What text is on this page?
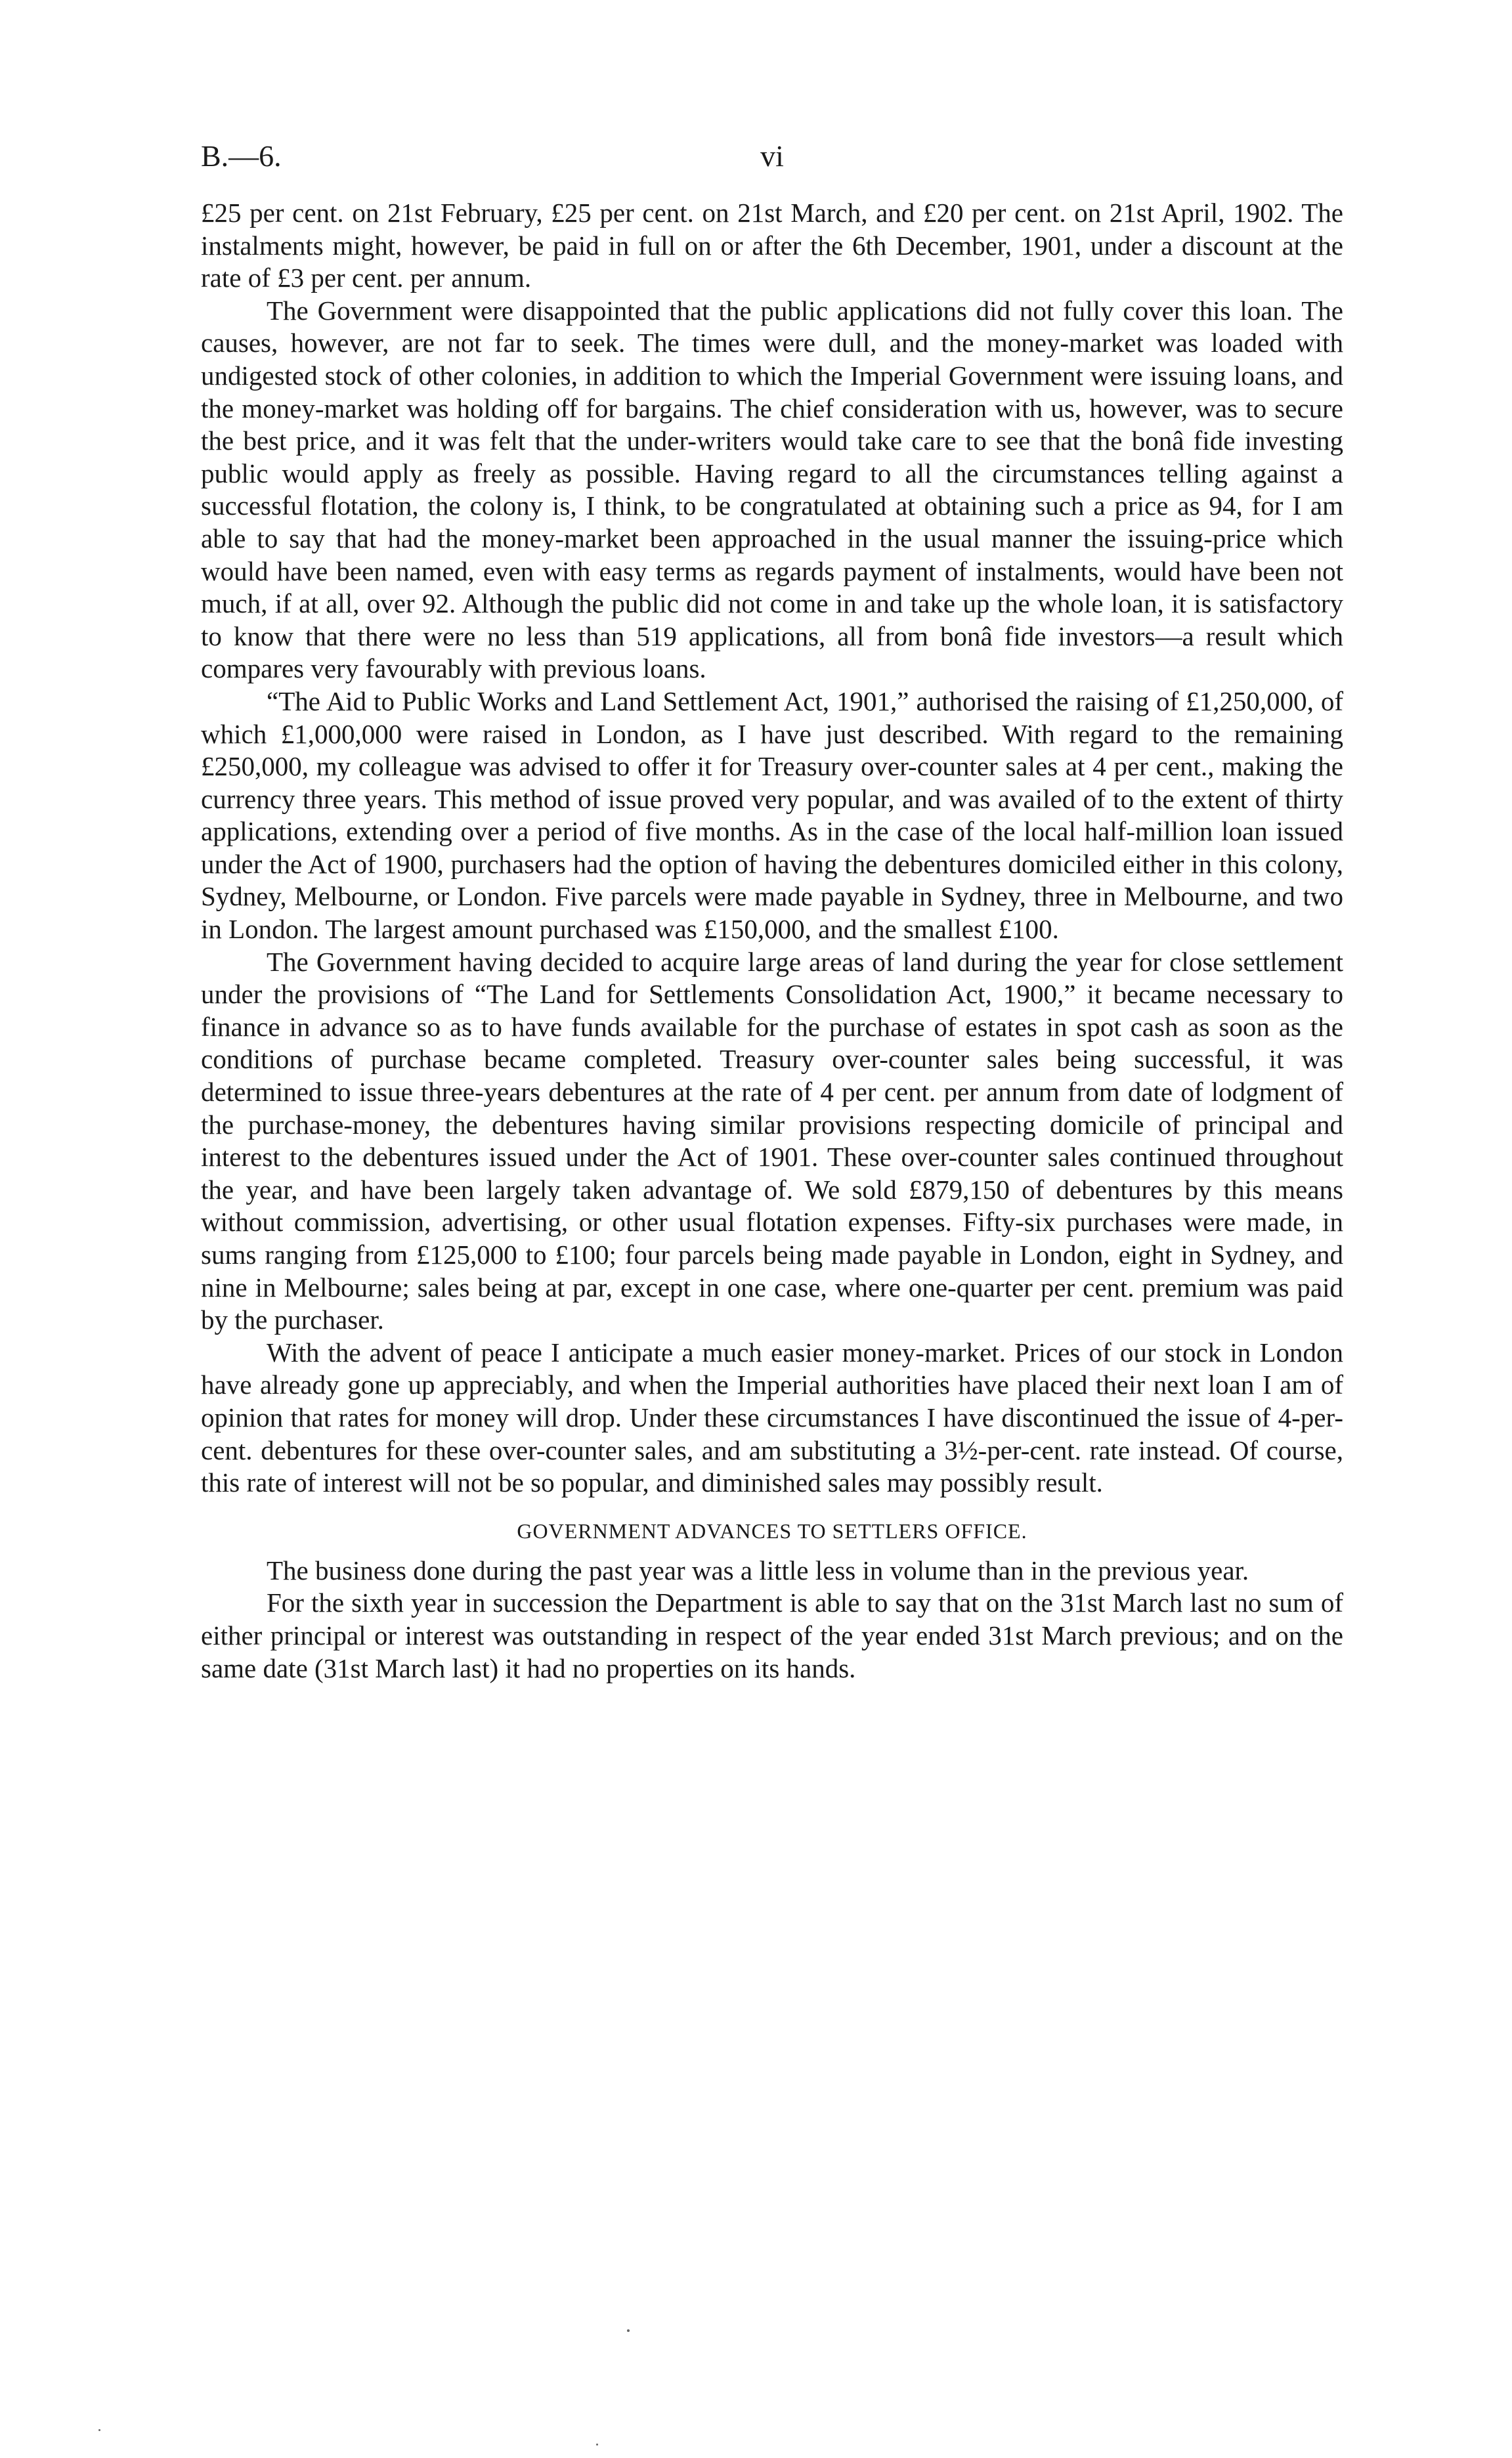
B.—6.	vi

£25 per cent. on 21st February, £25 per cent. on 21st March, and £20 per cent. on 21st April, 1902. The instalments might, however, be paid in full on or after the 6th December, 1901, under a discount at the rate of £3 per cent. per annum.

The Government were disappointed that the public applications did not fully cover this loan. The causes, however, are not far to seek. The times were dull, and the money-market was loaded with undigested stock of other colonies, in addition to which the Imperial Government were issuing loans, and the money-market was holding off for bargains. The chief consideration with us, however, was to secure the best price, and it was felt that the under-writers would take care to see that the bonâ fide investing public would apply as freely as possible. Having regard to all the circumstances telling against a successful flotation, the colony is, I think, to be congratulated at obtaining such a price as 94, for I am able to say that had the money-market been approached in the usual manner the issuing-price which would have been named, even with easy terms as regards payment of instalments, would have been not much, if at all, over 92. Although the public did not come in and take up the whole loan, it is satisfactory to know that there were no less than 519 applications, all from bonâ fide investors—a result which compares very favourably with previous loans.

“The Aid to Public Works and Land Settlement Act, 1901,” authorised the raising of £1,250,000, of which £1,000,000 were raised in London, as I have just described. With regard to the remaining £250,000, my colleague was advised to offer it for Treasury over-counter sales at 4 per cent., making the currency three years. This method of issue proved very popular, and was availed of to the extent of thirty applications, extending over a period of five months. As in the case of the local half-million loan issued under the Act of 1900, purchasers had the option of having the debentures domiciled either in this colony, Sydney, Melbourne, or London. Five parcels were made payable in Sydney, three in Melbourne, and two in London. The largest amount purchased was £150,000, and the smallest £100.

The Government having decided to acquire large areas of land during the year for close settlement under the provisions of “The Land for Settlements Consolidation Act, 1900,” it became necessary to finance in advance so as to have funds available for the purchase of estates in spot cash as soon as the conditions of purchase became completed. Treasury over-counter sales being successful, it was determined to issue three-years debentures at the rate of 4 per cent. per annum from date of lodgment of the purchase-money, the debentures having similar provisions respecting domicile of principal and interest to the debentures issued under the Act of 1901. These over-counter sales continued throughout the year, and have been largely taken advantage of. We sold £879,150 of debentures by this means without commission, advertising, or other usual flotation expenses. Fifty-six purchases were made, in sums ranging from £125,000 to £100; four parcels being made payable in London, eight in Sydney, and nine in Melbourne; sales being at par, except in one case, where one-quarter per cent. premium was paid by the purchaser.

With the advent of peace I anticipate a much easier money-market. Prices of our stock in London have already gone up appreciably, and when the Imperial authorities have placed their next loan I am of opinion that rates for money will drop. Under these circumstances I have discontinued the issue of 4-per-cent. debentures for these over-counter sales, and am substituting a 3½-per-cent. rate instead. Of course, this rate of interest will not be so popular, and diminished sales may possibly result.

GOVERNMENT ADVANCES TO SETTLERS OFFICE.

The business done during the past year was a little less in volume than in the previous year.

For the sixth year in succession the Department is able to say that on the 31st March last no sum of either principal or interest was outstanding in respect of the year ended 31st March previous; and on the same date (31st March last) it had no properties on its hands.
